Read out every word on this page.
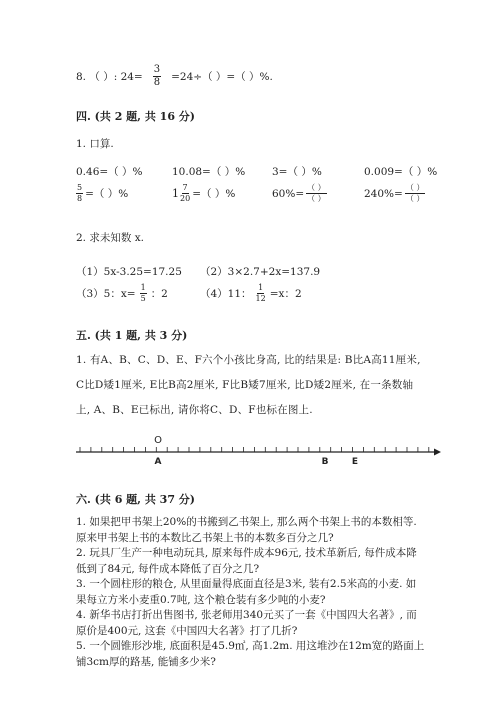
8. （ ）: $24= \frac{3}{8} =24\div$（ ）=（ ）%.
四. (共 2 题, 共 16 分)
1. 口算.
0.46=（ ）%	10.08=（ ）%	3=（ ）%	0.009=（ ）%
$\frac{5}{8}$ =（ ）%	$1 \frac{7}{20}$ =（ ）%	$60\%= \frac{( )}{( )}$	$240\%= \frac{( )}{( )}$
2. 求未知数 x.
（1）5x-3.25=17.25 （2）3×2.7+2x=137.9
（3）5：$x= \frac{1}{5}$ ：2	（4）11： $\frac{1}{12} =x$：2
五. (共 1 题, 共 3 分)
1. 有A、B、C、D、E、F六个小孩比身高, 比的结果是: B比A高11厘米, C比D矮1厘米, E比B高2厘米, F比B矮7厘米, 比D矮2厘米, 在一条数轴上, A、B、E已标出, 请你将C、D、F也标在图上.
O
A	B	E
六. (共 6 题, 共 37 分)
1. 如果把甲书架上20%的书搬到乙书架上, 那么两个书架上书的本数相等. 原来甲书架上书的本数比乙书架上书的本数多百分之几?
2. 玩具厂生产一种电动玩具, 原来每件成本96元, 技术革新后, 每件成本降低到了84元, 每件成本降低了百分之几?
3. 一个圆柱形的粮仓, 从里面量得底面直径是3米, 装有2.5米高的小麦. 如果每立方米小麦重0.7吨, 这个粮仓装有多少吨的小麦?
4. 新华书店打折出售图书, 张老师用340元买了一套《中国四大名著》, 而原价是400元, 这套《中国四大名著》打了几折?
5. 一个圆锥形沙堆, 底面积是45.9㎡, 高1.2m. 用这堆沙在12m宽的路面上铺3cm厚的路基, 能铺多少米?
